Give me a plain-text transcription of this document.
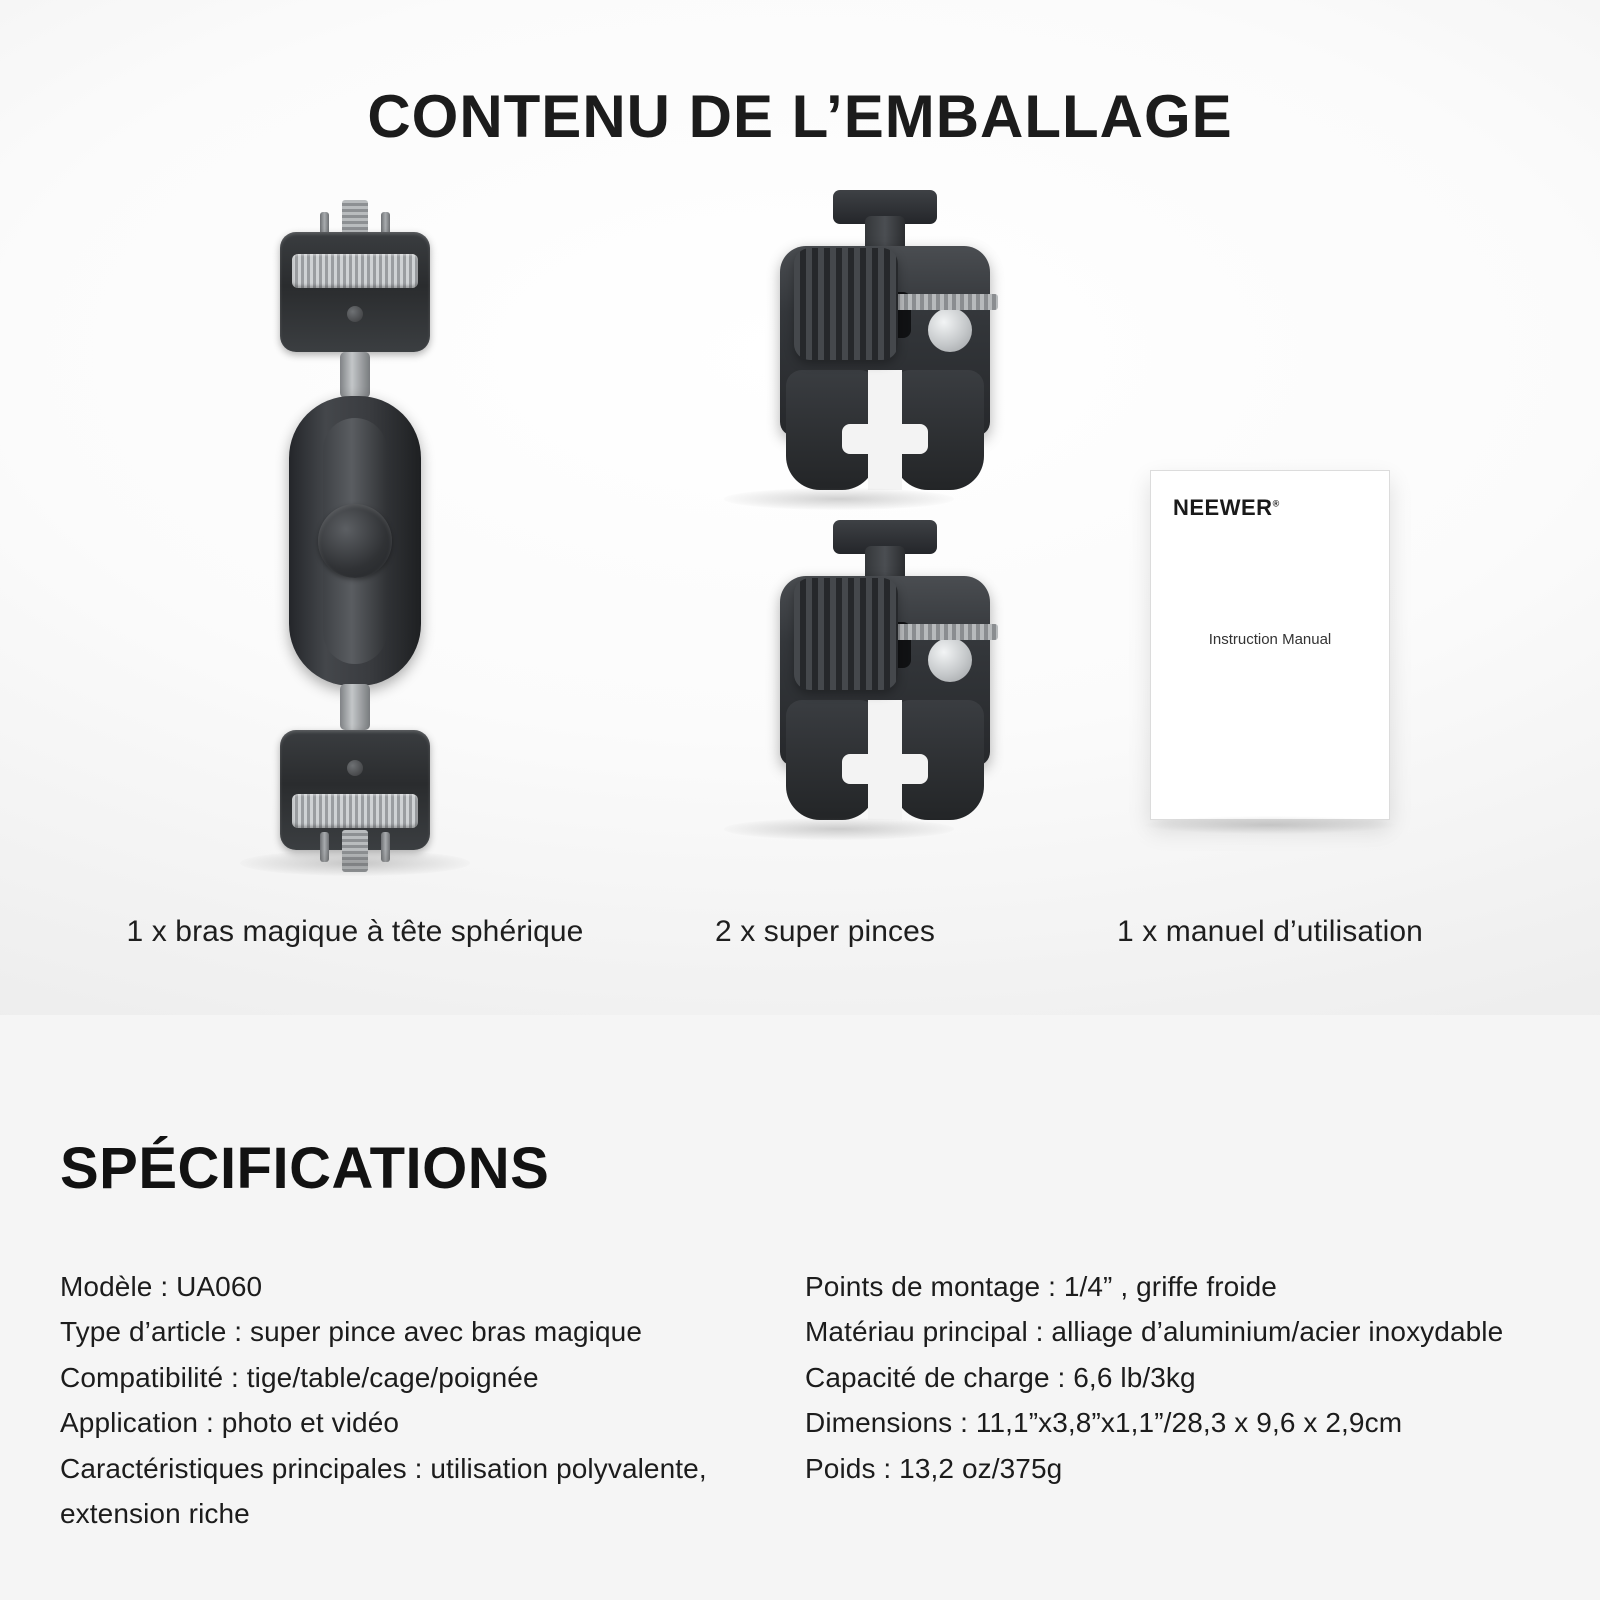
CONTENU DE L’EMBALLAGE
NEEWER®
Instruction Manual
1 x bras magique à tête sphérique	2 x super pinces	1 x manuel d’utilisation
SPÉCIFICATIONS
Modèle : UA060
Type d’article : super pince avec bras magique
Compatibilité : tige/table/cage/poignée
Application : photo et vidéo
Caractéristiques principales : utilisation polyvalente, extension riche
Points de montage : 1/4” , griffe froide
Matériau principal : alliage d’aluminium/acier inoxydable
Capacité de charge : 6,6 lb/3kg
Dimensions : 11,1”x3,8”x1,1”/28,3 x 9,6 x 2,9cm
Poids : 13,2 oz/375g
